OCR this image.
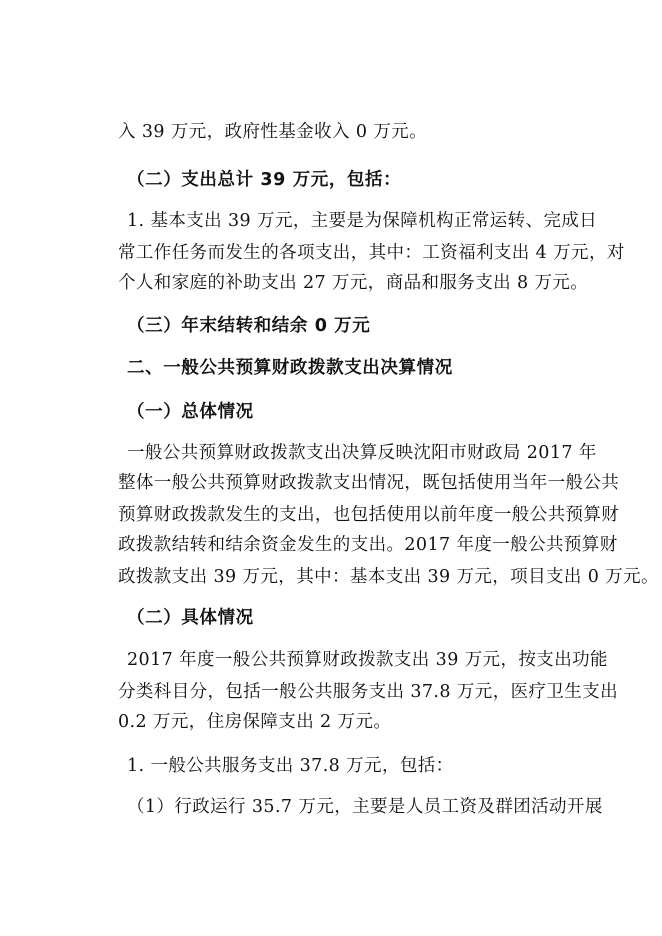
入 39 万元，政府性基金收入 0 万元。
（二）支出总计 39 万元，包括：
1. 基本支出 39 万元，主要是为保障机构正常运转、完成日
常工作任务而发生的各项支出，其中：工资福利支出 4 万元，对
个人和家庭的补助支出 27 万元，商品和服务支出 8 万元。
（三）年末结转和结余 0 万元
二、一般公共预算财政拨款支出决算情况
（一）总体情况
一般公共预算财政拨款支出决算反映沈阳市财政局 2017 年
整体一般公共预算财政拨款支出情况，既包括使用当年一般公共
预算财政拨款发生的支出，也包括使用以前年度一般公共预算财
政拨款结转和结余资金发生的支出。2017 年度一般公共预算财
政拨款支出 39 万元，其中：基本支出 39 万元，项目支出 0 万元。
（二）具体情况
2017 年度一般公共预算财政拨款支出 39 万元，按支出功能
分类科目分，包括一般公共服务支出 37.8 万元，医疗卫生支出
0.2 万元，住房保障支出 2 万元。
1. 一般公共服务支出 37.8 万元，包括：
（1）行政运行 35.7 万元，主要是人员工资及群团活动开展
